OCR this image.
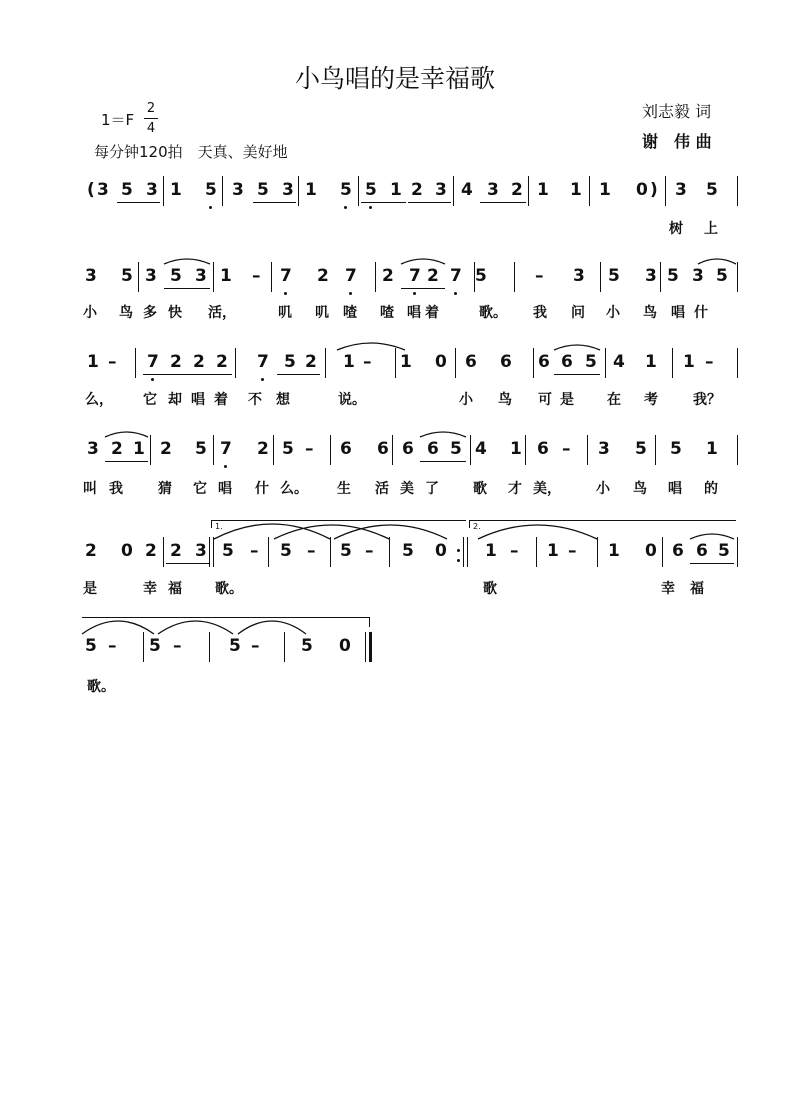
小鸟唱的是幸福歌
1＝F
2
4
每分钟120拍　天真、美好地
刘志毅 词
谢　伟 曲
( 3 5 3 1 5 3 5 3 1 5 5 1 2 3 4 3 2 1 1 1 0 ) 3 5
树 上
3 5 3 5 3 1 – 7 2 7 2 7 2 7 5	– 3 5 3 5 3 5
小 鸟 多 快 活，	叽 叽 喳 喳 唱 着	歌。 我 问 小 鸟 唱 什
1 – 7 2 2 2 7 5 2 1 – 1 0 6 6 6 6 5 4 1 1 –
么， 它 却 唱 着 不 想	说。	小 鸟 可 是 在 考	我？
3 2 1 2 5 7 2 5 – 6 6 6 6 5 4 1 6 – 3 5 5 1
叫 我	猜 它 唱 什 么。 生 活 美 了 歌 才 美，	小 鸟 唱 的
2 0 2 2 3 5 – 5 – 5 – 5 0 1 – 1 – 1 0 6 6 5
是	幸 福 歌。	歌	幸 福
1.	2.
5 – 5 –	5 – 5 0
歌。
